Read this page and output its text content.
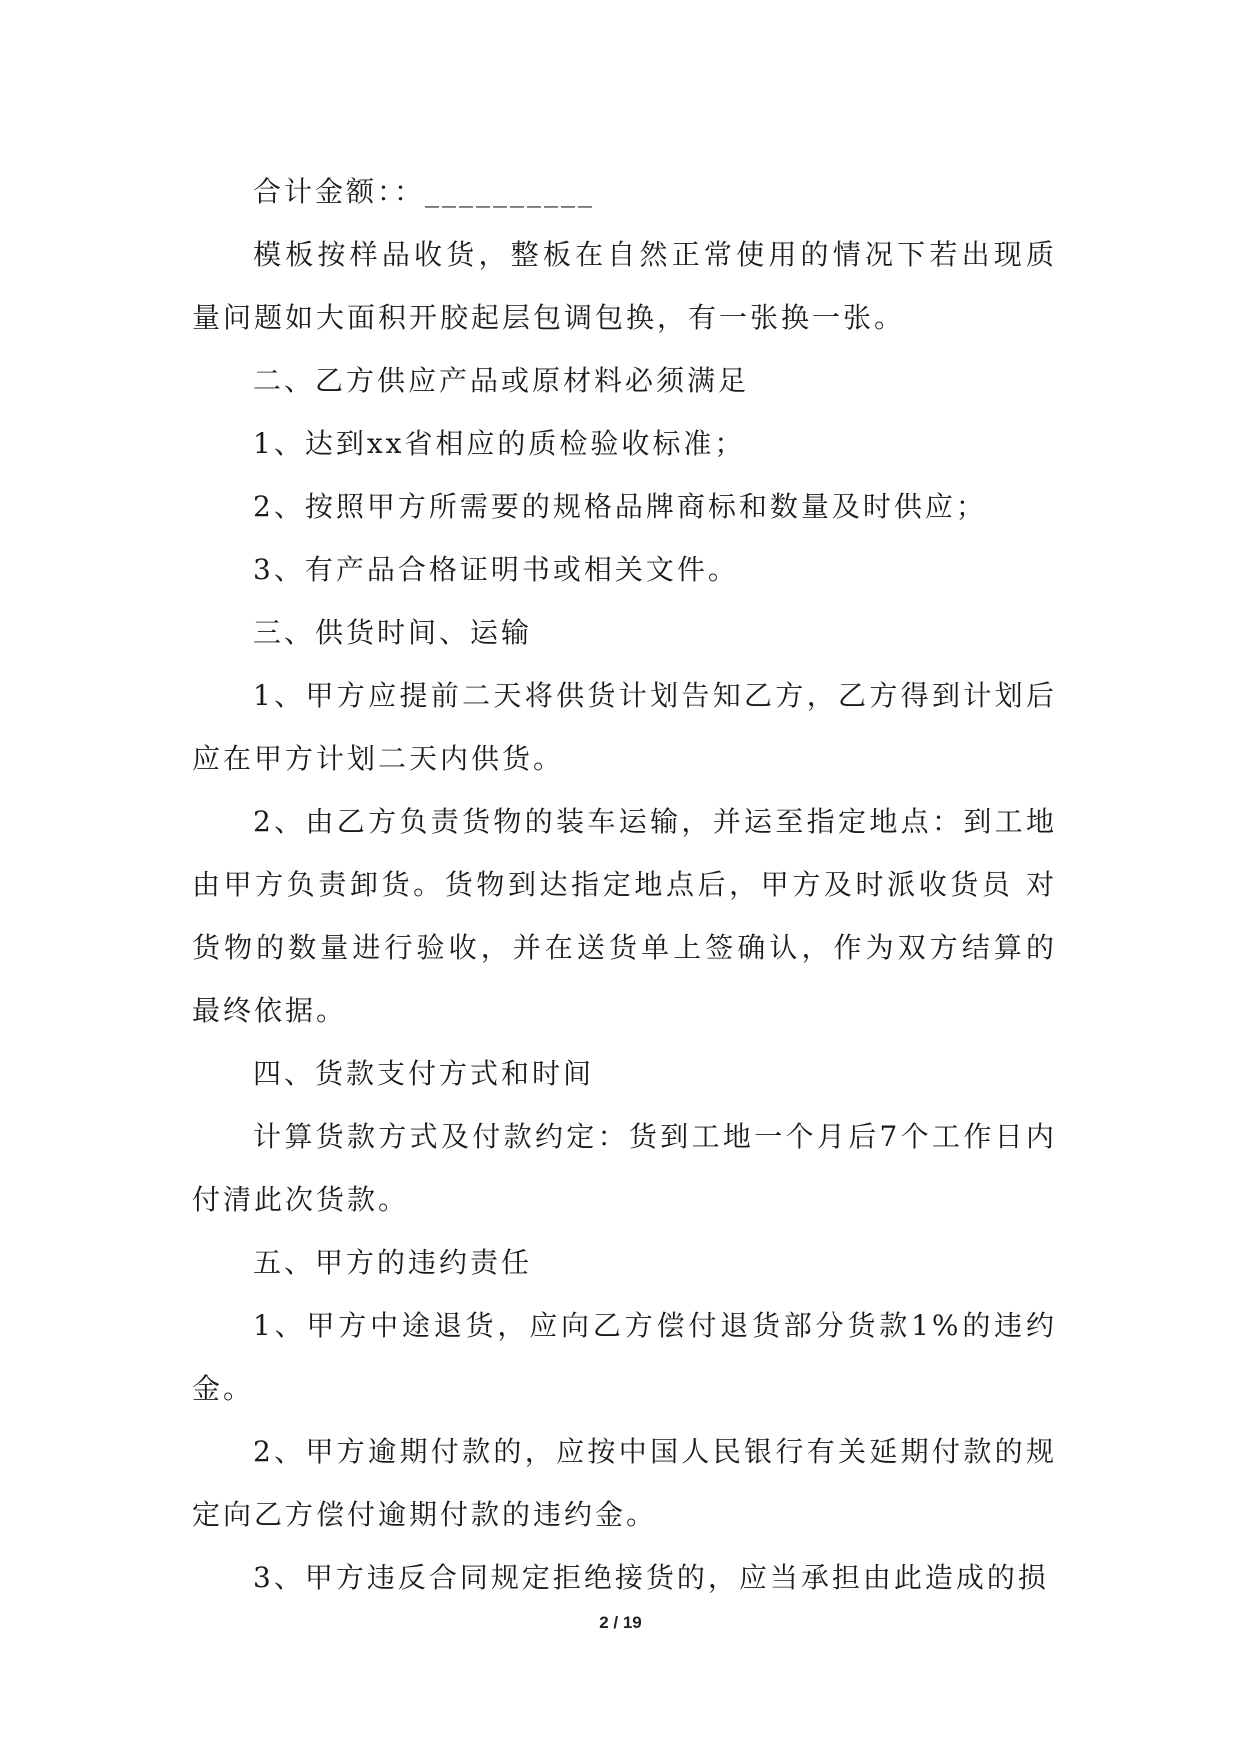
合计金额：：__________

模板按样品收货，整板在自然正常使用的情况下若出现质量问题如大面积开胶起层包调包换，有一张换一张。

二、乙方供应产品或原材料必须满足

1、达到xx省相应的质检验收标准；

2、按照甲方所需要的规格品牌商标和数量及时供应；

3、有产品合格证明书或相关文件。

三、供货时间、运输

1、甲方应提前二天将供货计划告知乙方，乙方得到计划后应在甲方计划二天内供货。

2、由乙方负责货物的装车运输，并运至指定地点：到工地由甲方负责卸货。货物到达指定地点后，甲方及时派收货员 对货物的数量进行验收，并在送货单上签确认，作为双方结算的最终依据。

四、货款支付方式和时间

计算货款方式及付款约定：货到工地一个月后7个工作日内付清此次货款。

五、甲方的违约责任

1、甲方中途退货，应向乙方偿付退货部分货款1%的违约金。

2、甲方逾期付款的，应按中国人民银行有关延期付款的规定向乙方偿付逾期付款的违约金。

3、甲方违反合同规定拒绝接货的，应当承担由此造成的损

2 / 19
